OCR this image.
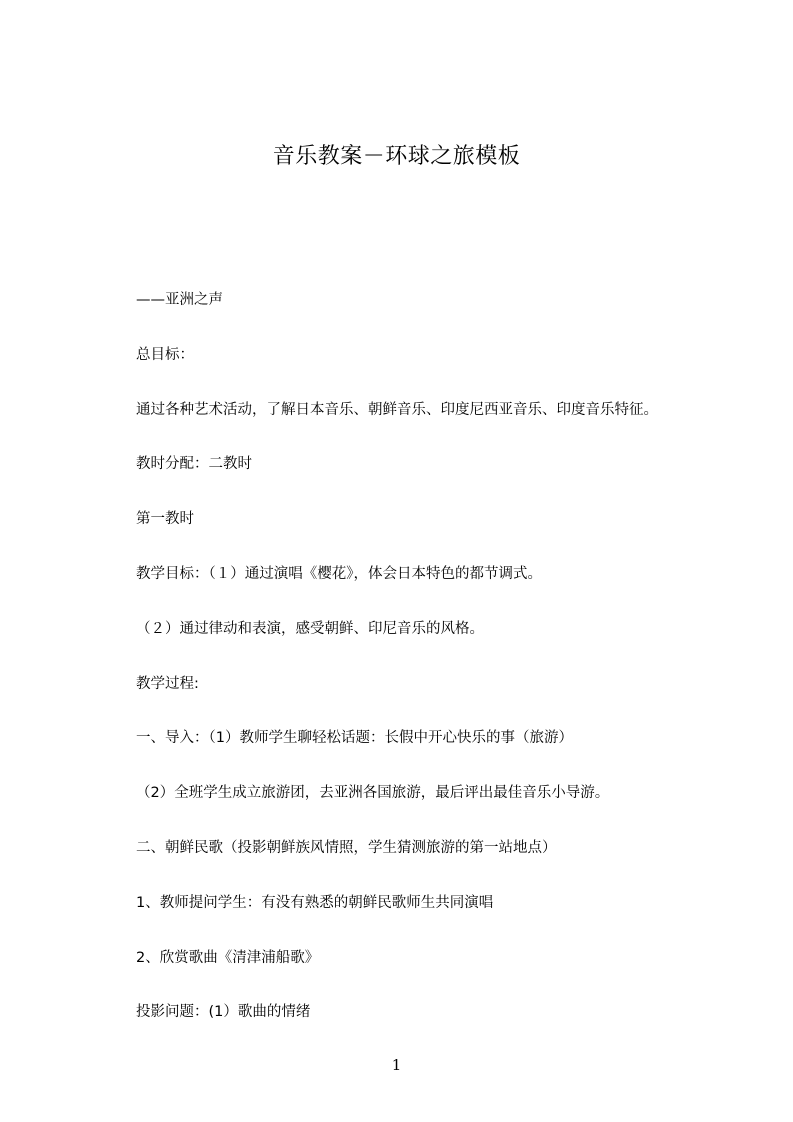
音乐教案－环球之旅模板

——亚洲之声

总目标：

通过各种艺术活动，了解日本音乐、朝鲜音乐、印度尼西亚音乐、印度音乐特征。

教时分配：二教时

第一教时

教学目标：（１）通过演唱《樱花》，体会日本特色的都节调式。

（２）通过律动和表演，感受朝鲜、印尼音乐的风格。

教学过程:

一、导入：（1）教师学生聊轻松话题：长假中开心快乐的事（旅游）

（2）全班学生成立旅游团，去亚洲各国旅游，最后评出最佳音乐小导游。

二、朝鲜民歌（投影朝鲜族风情照，学生猜测旅游的第一站地点）

1、教师提问学生：有没有熟悉的朝鲜民歌师生共同演唱

2、欣赏歌曲《清津浦船歌》

投影问题：(1）歌曲的情绪

1
